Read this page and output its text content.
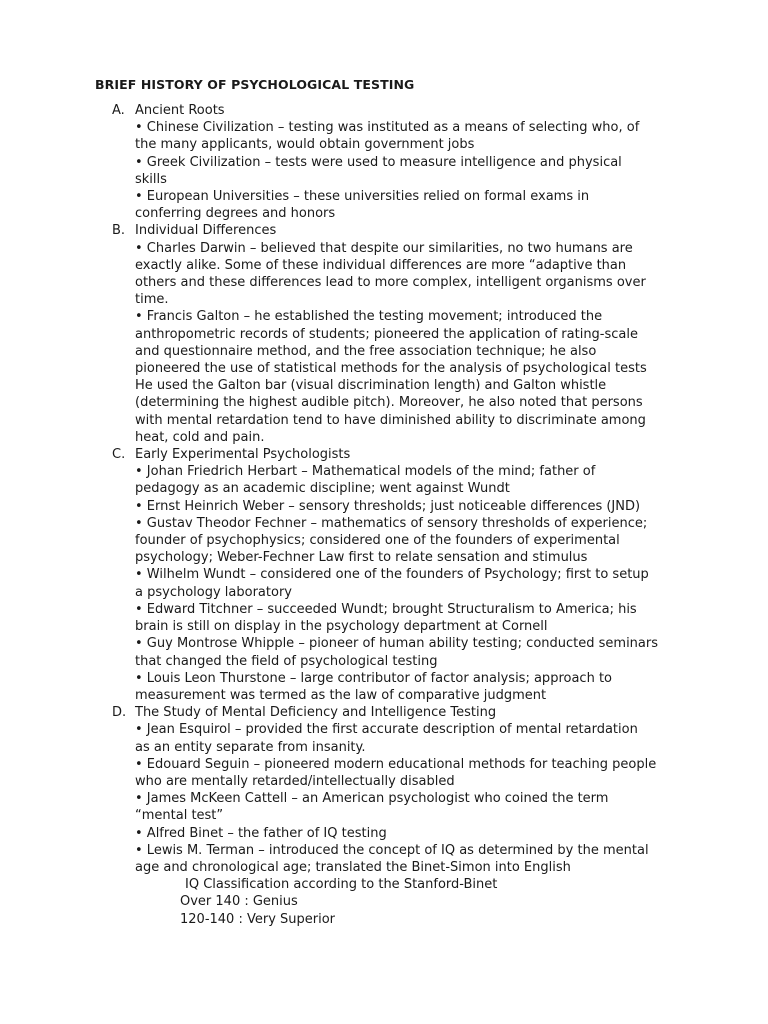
BRIEF HISTORY OF PSYCHOLOGICAL TESTING
A. Ancient Roots
• Chinese Civilization – testing was instituted as a means of selecting who, of
the many applicants, would obtain government jobs
• Greek Civilization – tests were used to measure intelligence and physical
skills
• European Universities – these universities relied on formal exams in
conferring degrees and honors
B. Individual Differences
• Charles Darwin – believed that despite our similarities, no two humans are
exactly alike. Some of these individual differences are more “adaptive than
others and these differences lead to more complex, intelligent organisms over
time.
• Francis Galton – he established the testing movement; introduced the
anthropometric records of students; pioneered the application of rating-scale
and questionnaire method, and the free association technique; he also
pioneered the use of statistical methods for the analysis of psychological tests
He used the Galton bar (visual discrimination length) and Galton whistle
(determining the highest audible pitch). Moreover, he also noted that persons
with mental retardation tend to have diminished ability to discriminate among
heat, cold and pain.
C. Early Experimental Psychologists
• Johan Friedrich Herbart – Mathematical models of the mind; father of
pedagogy as an academic discipline; went against Wundt
• Ernst Heinrich Weber – sensory thresholds; just noticeable differences (JND)
• Gustav Theodor Fechner – mathematics of sensory thresholds of experience;
founder of psychophysics; considered one of the founders of experimental
psychology; Weber-Fechner Law first to relate sensation and stimulus
• Wilhelm Wundt – considered one of the founders of Psychology; first to setup
a psychology laboratory
• Edward Titchner – succeeded Wundt; brought Structuralism to America; his
brain is still on display in the psychology department at Cornell
• Guy Montrose Whipple – pioneer of human ability testing; conducted seminars
that changed the field of psychological testing
• Louis Leon Thurstone – large contributor of factor analysis; approach to
measurement was termed as the law of comparative judgment
D. The Study of Mental Deficiency and Intelligence Testing
• Jean Esquirol – provided the first accurate description of mental retardation
as an entity separate from insanity.
• Edouard Seguin – pioneered modern educational methods for teaching people
who are mentally retarded/intellectually disabled
• James McKeen Cattell – an American psychologist who coined the term
“mental test”
• Alfred Binet – the father of IQ testing
• Lewis M. Terman – introduced the concept of IQ as determined by the mental
age and chronological age; translated the Binet-Simon into English
IQ Classification according to the Stanford-Binet
Over 140 : Genius
120-140 : Very Superior
